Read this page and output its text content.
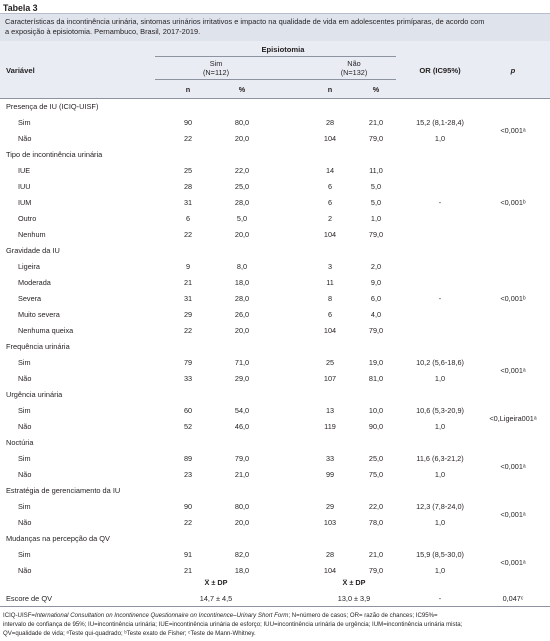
Tabela 3
Características da incontinência urinária, sintomas urinários irritativos e impacto na qualidade de vida em adolescentes primíparas, de acordo com
a exposição à episiotomia. Pernambuco, Brasil, 2017-2019.
Variável
Episiotomia
Sim
(N=112)
Não
(N=132)	OR (IC95%)	p
n	%	n	%
Presença de IU (ICIQ-UISF)
Sim	90	80,0	28	21,0	15,2 (8,1-28,4)
Não	22	20,0	104	79,0	1,0
<0,001ᵃ
Tipo de incontinência urinária
IUE	25	22,0	14	11,0
IUU	28	25,0	6	5,0
IUM	31	28,0	6	5,0
Outro	6	5,0	2	1,0
Nenhum	22	20,0	104	79,0
-	<0,001ᵇ
Gravidade da IU
Ligeira	9	8,0	3	2,0
Moderada	21	18,0	11	9,0
Severa	31	28,0	8	6,0
Muito severa	29	26,0	6	4,0
Nenhuma queixa	22	20,0	104	79,0
-	<0,001ᵇ
Frequência urinária
Sim	79	71,0	25	19,0	10,2 (5,6-18,6)
Não	33	29,0	107	81,0	1,0
<0,001ᵃ
Urgência urinária
Sim	60	54,0	13	10,0	10,6 (5,3-20,9)
Não	52	46,0	119	90,0	1,0
<0,Ligeira001ᵃ
Noctúria
Sim	89	79,0	33	25,0	11,6 (6,3-21,2)
Não	23	21,0	99	75,0	1,0
<0,001ᵃ
Estratégia de gerenciamento da IU
Sim	90	80,0	29	22,0	12,3 (7,8-24,0)
Não	22	20,0	103	78,0	1,0
<0,001ᵃ
Mudanças na percepção da QV
Sim	91	82,0	28	21,0	15,9 (8,5-30,0)
Não	21	18,0	104	79,0	1,0
<0,001ᵃ
X̅ ± DP	X̅ ± DP
Escore de QV	14,7 ± 4,5	13,0 ± 3,9	-	0,047ᶜ
ICIQ-UISF=International Consultation on Incontinence Questionnaire on Incontinence–Urinary Short Form; N=número de casos; OR= razão de chances; IC95%=
intervalo de confiança de 95%; IU=incontinência urinária; IUE=incontinência urinária de esforço; IUU=incontinência urinária de urgência; IUM=incontinência urinária mista;
QV=qualidade de vida; ᵃTeste qui-quadrado; ᵇTeste exato de Fisher; ᶜTeste de Mann-Whitney.
